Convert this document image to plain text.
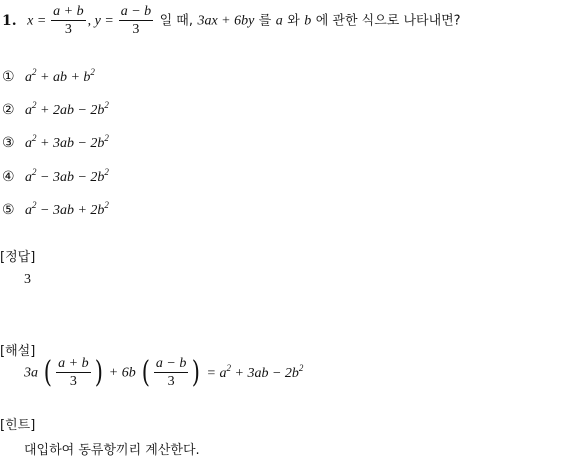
1. $x = \frac{a + b}{3}$ , $y = \frac{a - b}{3}$ 일 때, 3ax + 6by 를 a 와 b 에 관한 식으로 나타내면?
① $a^2$ + ab + $b^2$
② $a^2 + 2ab - 2b^2$
③ $a^2 + 3ab - 2b^2$
④ $a^2 - 3ab - 2b^2$
⑤ $a^2 - 3ab + 2b^2$
[정답]
3
[해설]
3a ( $\frac{a + b}{3}$ ) + 6b ( $\frac{a - b}{3}$ ) = $a^2 + 3ab - 2b^2$
[힌트]
대입하여 동류항끼리 계산한다.
